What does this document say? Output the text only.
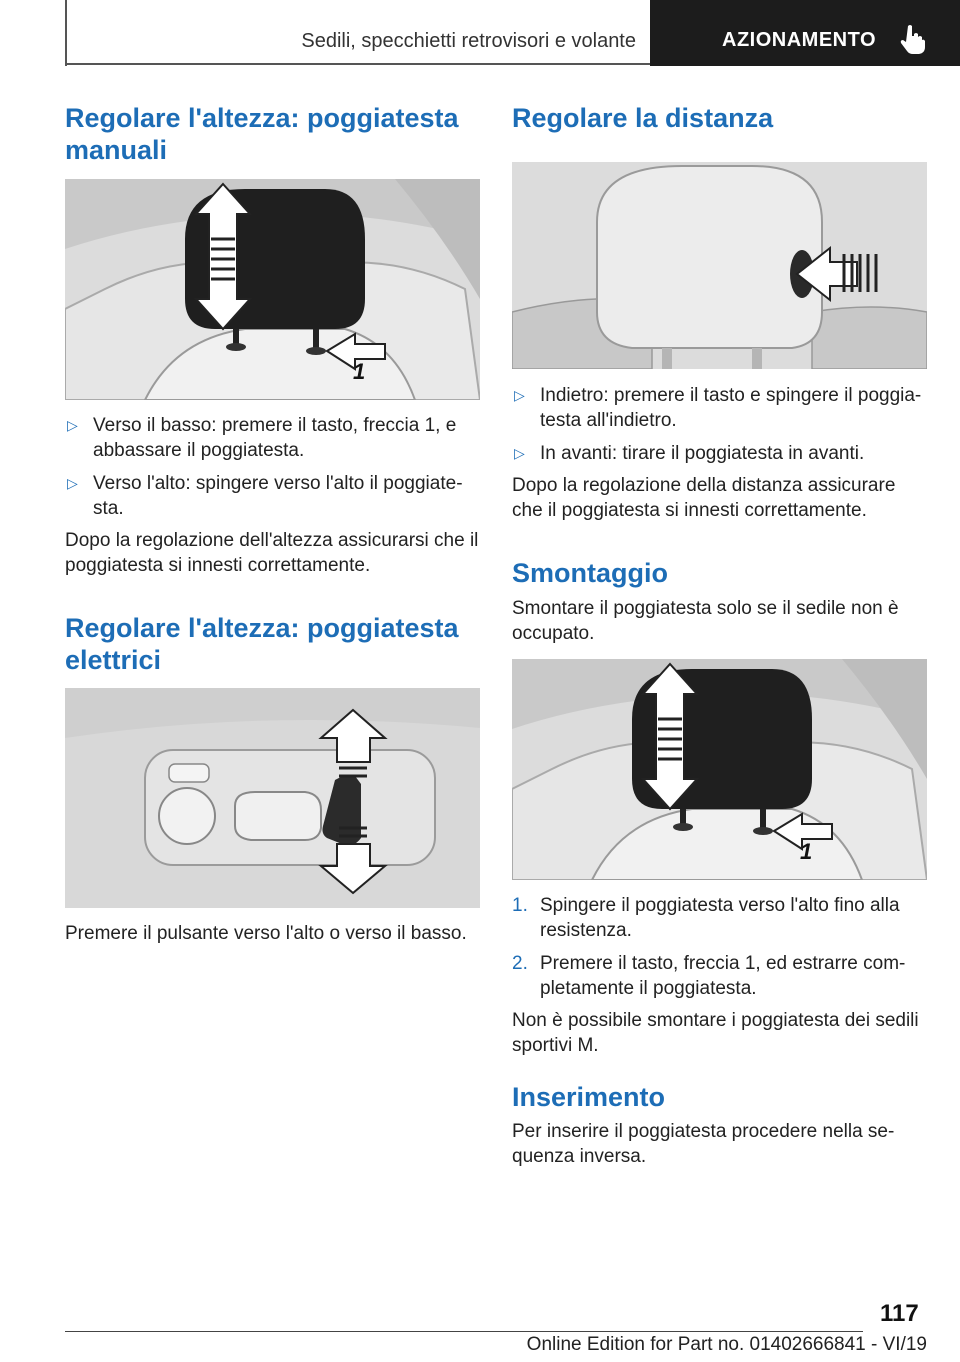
Sedili, specchietti retrovisori e volante	AZIONAMENTO
Regolare l'altezza: poggiatesta manuali
1
▷ Verso il basso: premere il tasto, freccia 1, e abbassare il poggiatesta.
▷ Verso l'alto: spingere verso l'alto il poggiate‐sta.

Dopo la regolazione dell'altezza assicurarsi che il poggiatesta si innesti correttamente.

Regolare l'altezza: poggiatesta elettrici

Premere il pulsante verso l'alto o verso il basso.

Regolare la distanza
▷ Indietro: premere il tasto e spingere il poggia‐testa all'indietro.
▷ In avanti: tirare il poggiatesta in avanti.

Dopo la regolazione della distanza assicurare che il poggiatesta si innesti correttamente.

Smontaggio

Smontare il poggiatesta solo se il sedile non è occupato.

1
1. Spingere il poggiatesta verso l'alto fino alla resistenza.
2. Premere il tasto, freccia 1, ed estrarre com‐pletamente il poggiatesta.

Non è possibile smontare i poggiatesta dei sedili sportivi M.

Inserimento

Per inserire il poggiatesta procedere nella se‐quenza inversa.

117
Online Edition for Part no. 01402666841 - VI/19
